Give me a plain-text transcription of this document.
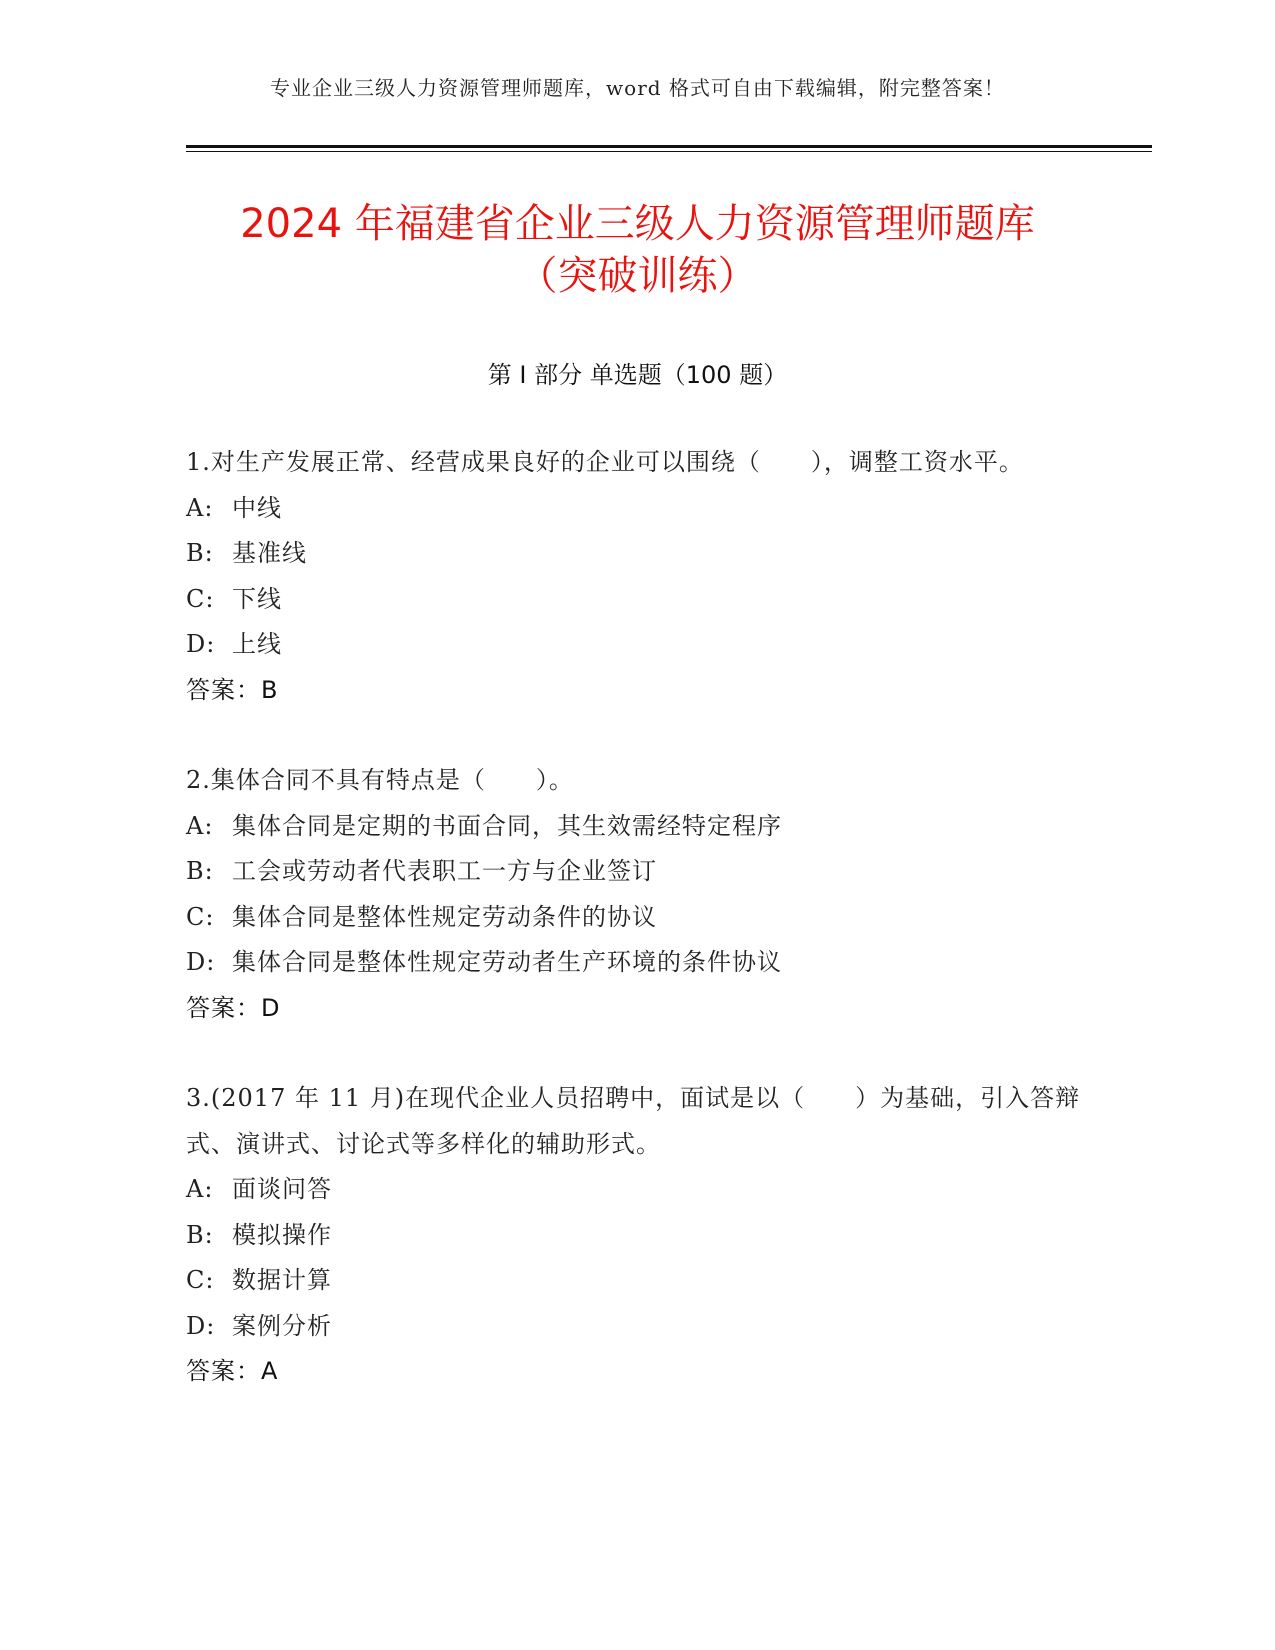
专业企业三级人力资源管理师题库，word 格式可自由下载编辑，附完整答案！
2024 年福建省企业三级人力资源管理师题库
（突破训练）
第 I 部分 单选题（100 题）
1.对生产发展正常、经营成果良好的企业可以围绕（　　），调整工资水平。
A: 中线
B: 基准线
C: 下线
D: 上线
答案：B
2.集体合同不具有特点是（　　）。
A: 集体合同是定期的书面合同，其生效需经特定程序
B: 工会或劳动者代表职工一方与企业签订
C: 集体合同是整体性规定劳动条件的协议
D: 集体合同是整体性规定劳动者生产环境的条件协议
答案：D
3.(2017 年 11 月)在现代企业人员招聘中，面试是以（　　）为基础，引入答辩式、演讲式、讨论式等多样化的辅助形式。
A: 面谈问答
B: 模拟操作
C: 数据计算
D: 案例分析
答案：A
